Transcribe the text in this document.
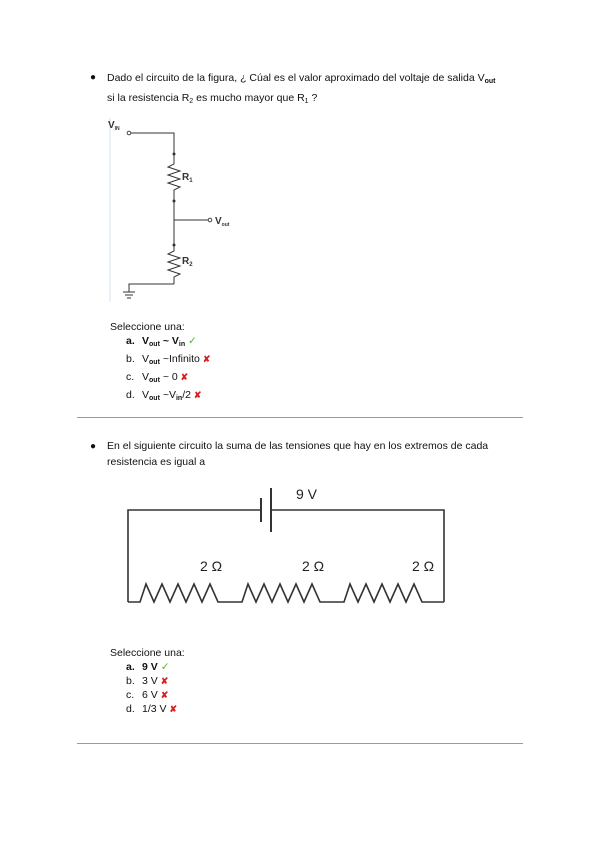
● Dado el circuito de la figura, ¿ Cúal es el valor aproximado del voltaje de salida $V_{out}$
si la resistencia $R_2$ es mucho mayor que $R_1$ ?
$V_{IN}$
$R_1$
$V_{out}$
$R_2$
Seleccione una:
a. $V_{out}$ ~ $V_{in}$ ✓
b. $V_{out}$ ~Infinito ✘
c. $V_{out}$ ~ 0 ✘
d. $V_{out}$ $\sim V_{in}/2$ ✘
● En el siguiente circuito la suma de las tensiones que hay en los extremos de cada resistencia es igual a
9 V
2 Ω	2 Ω	2 Ω
Seleccione una:
a. 9 V ✓
b. 3 V ✘
c. 6 V ✘
d. 1/3 V ✘
